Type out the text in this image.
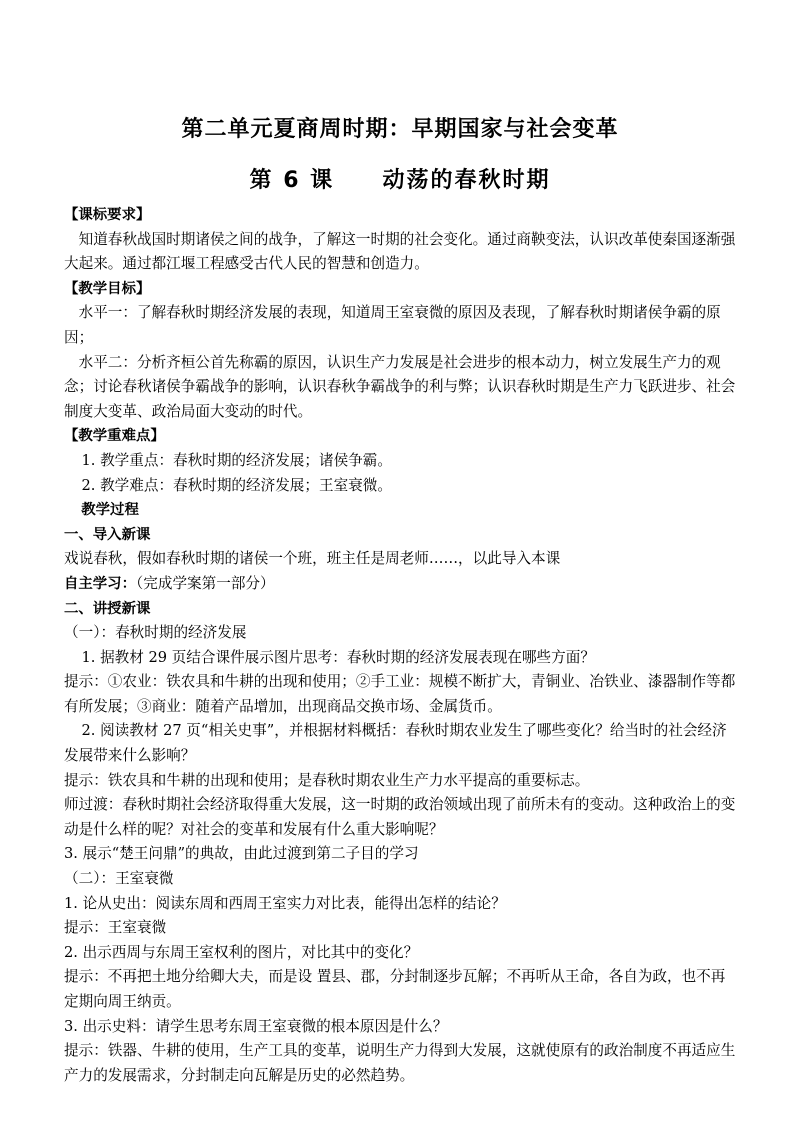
第二单元夏商周时期：早期国家与社会变革
第 6 课     动荡的春秋时期

【课标要求】

知道春秋战国时期诸侯之间的战争，了解这一时期的社会变化。通过商鞅变法，认识改革使秦国逐渐强大起来。通过都江堰工程感受古代人民的智慧和创造力。

【教学目标】

水平一：了解春秋时期经济发展的表现，知道周王室衰微的原因及表现，了解春秋时期诸侯争霸的原因；

水平二：分析齐桓公首先称霸的原因，认识生产力发展是社会进步的根本动力，树立发展生产力的观念；讨论春秋诸侯争霸战争的影响，认识春秋争霸战争的利与弊；认识春秋时期是生产力飞跃进步、社会制度大变革、政治局面大变动的时代。

【教学重难点】

1. 教学重点：春秋时期的经济发展；诸侯争霸。

2. 教学难点：春秋时期的经济发展；王室衰微。

教学过程

一、导入新课

戏说春秋，假如春秋时期的诸侯一个班，班主任是周老师……，以此导入本课

自主学习：（完成学案第一部分）

二、讲授新课

（一）：春秋时期的经济发展

1. 据教材 29 页结合课件展示图片思考：春秋时期的经济发展表现在哪些方面？

提示：①农业：铁农具和牛耕的出现和使用；②手工业：规模不断扩大，青铜业、冶铁业、漆器制作等都有所发展；③商业：随着产品增加，出现商品交换市场、金属货币。

2. 阅读教材 27 页“相关史事”，并根据材料概括：春秋时期农业发生了哪些变化？给当时的社会经济发展带来什么影响？

提示：铁农具和牛耕的出现和使用；是春秋时期农业生产力水平提高的重要标志。

师过渡：春秋时期社会经济取得重大发展，这一时期的政治领域出现了前所未有的变动。这种政治上的变动是什么样的呢？对社会的变革和发展有什么重大影响呢？

3. 展示“楚王问鼎”的典故，由此过渡到第二子目的学习

（二）：王室衰微

1. 论从史出：阅读东周和西周王室实力对比表，能得出怎样的结论？

提示：王室衰微

2. 出示西周与东周王室权利的图片，对比其中的变化？

提示：不再把土地分给卿大夫，而是设 置县、郡，分封制逐步瓦解；不再听从王命，各自为政，也不再定期向周王纳贡。

3. 出示史料：请学生思考东周王室衰微的根本原因是什么？

提示：铁器、牛耕的使用，生产工具的变革，说明生产力得到大发展，这就使原有的政治制度不再适应生产力的发展需求，分封制走向瓦解是历史的必然趋势。
